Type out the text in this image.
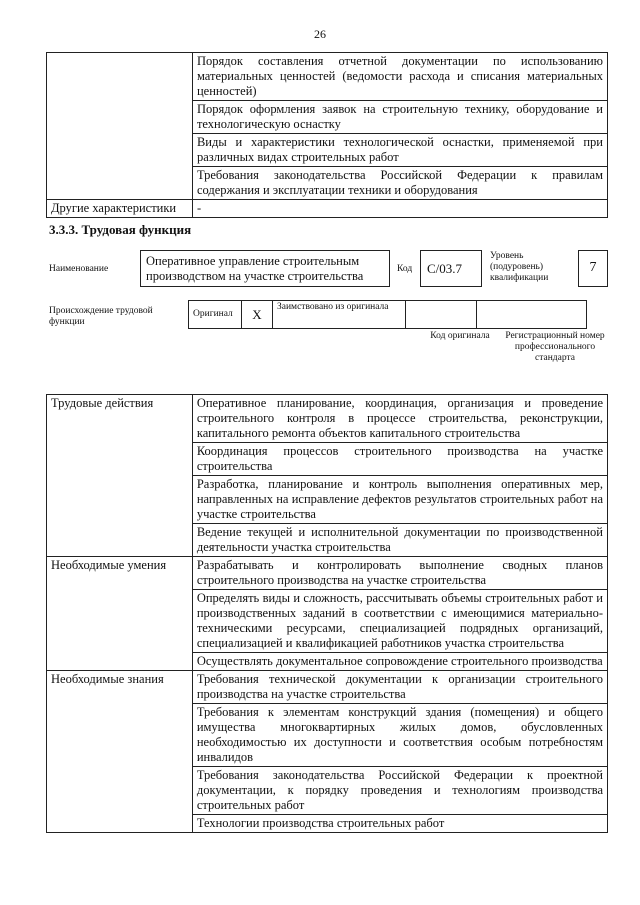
26
	Порядок составления отчетной документации по использованию материальных ценностей (ведомости расхода и списания материальных ценностей)
	Порядок оформления заявок на строительную технику, оборудование и технологическую оснастку
	Виды и характеристики технологической оснастки, применяемой при различных видах строительных работ
	Требования законодательства Российской Федерации к правилам содержания и эксплуатации техники и оборудования
Другие характеристики	-
3.3.3. Трудовая функция
Наименование
Оперативное управление строительным производством на участке строительства	Код	С/03.7
Уровень (подуровень) квалификации
7
Происхождение трудовой функции
Оригинал	Х	Заимствовано из оригинала		
Код оригинала	Регистрационный номер профессионального стандарта
Трудовые действия	Оперативное планирование, координация, организация и проведение строительного контроля в процессе строительства, реконструкции, капитального ремонта объектов капитального строительства
	Координация процессов строительного производства на участке строительства
	Разработка, планирование и контроль выполнения оперативных мер, направленных на исправление дефектов результатов строительных работ на участке строительства
	Ведение текущей и исполнительной документации по производственной деятельности участка строительства
Необходимые умения	Разрабатывать и контролировать выполнение сводных планов строительного производства на участке строительства
	Определять виды и сложность, рассчитывать объемы строительных работ и производственных заданий в соответствии с имеющимися материально-техническими ресурсами, специализацией подрядных организаций, специализацией и квалификацией работников участка строительства
	Осуществлять документальное сопровождение строительного производства
Необходимые знания	Требования технической документации к организации строительного производства на участке строительства
	Требования к элементам конструкций здания (помещения) и общего имущества многоквартирных жилых домов, обусловленных необходимостью их доступности и соответствия особым потребностям инвалидов
	Требования законодательства Российской Федерации к проектной документации, к порядку проведения и технологиям производства строительных работ
	Технологии производства строительных работ
